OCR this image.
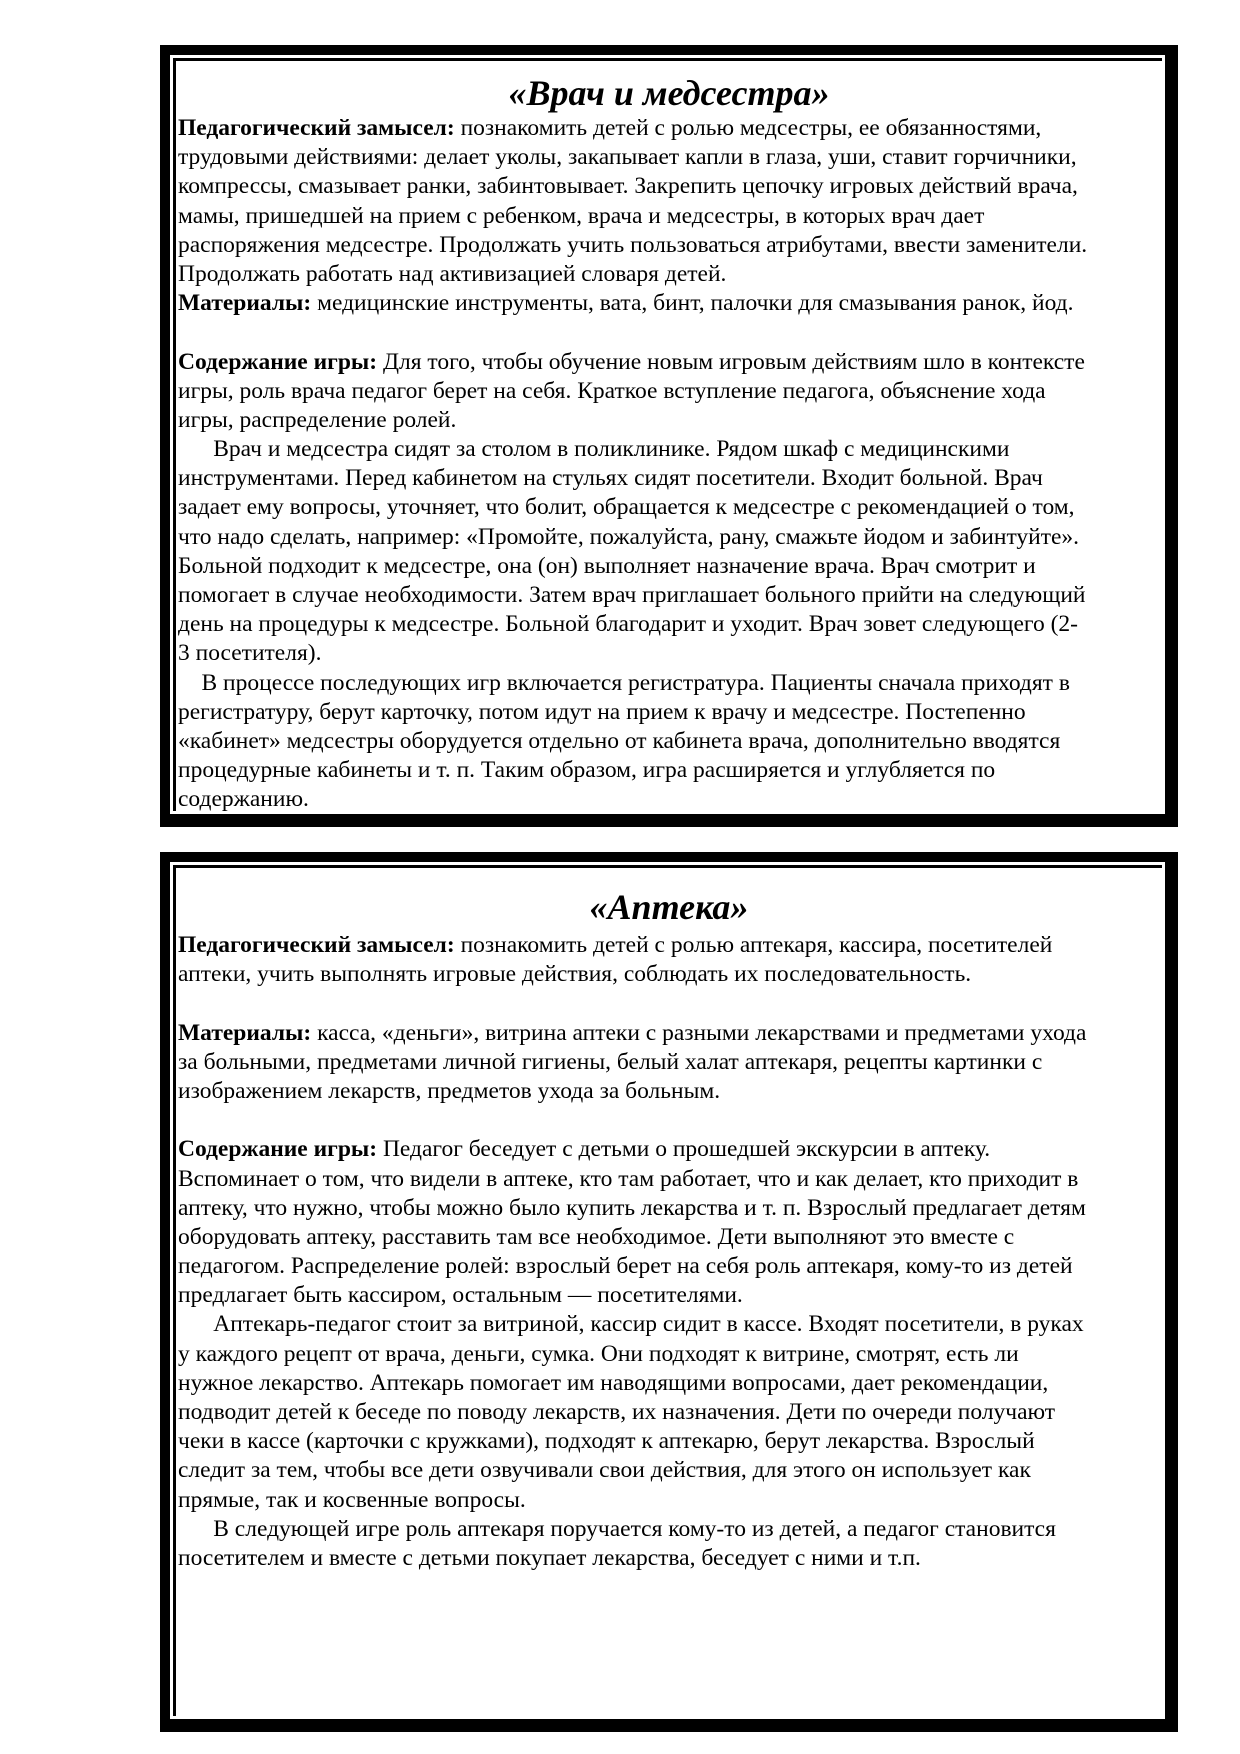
«Врач и медсестра»
Педагогический замысел: познакомить детей с ролью медсестры, ее обязанностями,
трудовыми действиями: делает уколы, закапывает капли в глаза, уши, ставит горчичники,
компрессы, смазывает ранки, забинтовывает. Закрепить цепочку игровых действий врача,
мамы, пришедшей на прием с ребенком, врача и медсестры, в которых врач дает
распоряжения медсестре. Продолжать учить пользоваться атрибутами, ввести заменители.
Продолжать работать над активизацией словаря детей.
Материалы: медицинские инструменты, вата, бинт, палочки для смазывания ранок, йод.
Содержание игры: Для того, чтобы обучение новым игровым действиям шло в контексте
игры, роль врача педагог берет на себя. Краткое вступление педагога, объяснение хода
игры, распределение ролей.
Врач и медсестра сидят за столом в поликлинике. Рядом шкаф с медицинскими
инструментами. Перед кабинетом на стульях сидят посетители. Входит больной. Врач
задает ему вопросы, уточняет, что болит, обращается к медсестре с рекомендацией о том,
что надо сделать, например: «Промойте, пожалуйста, рану, смажьте йодом и забинтуйте».
Больной подходит к медсестре, она (он) выполняет назначение врача. Врач смотрит и
помогает в случае необходимости. Затем врач приглашает больного прийти на следующий
день на процедуры к медсестре. Больной благодарит и уходит. Врач зовет следующего (2-
3 посетителя).
В процессе последующих игр включается регистратура. Пациенты сначала приходят в
регистратуру, берут карточку, потом идут на прием к врачу и медсестре. Постепенно
«кабинет» медсестры оборудуется отдельно от кабинета врача, дополнительно вводятся
процедурные кабинеты и т. п. Таким образом, игра расширяется и углубляется по
содержанию.
«Аптека»
Педагогический замысел: познакомить детей с ролью аптекаря, кассира, посетителей
аптеки, учить выполнять игровые действия, соблюдать их последовательность.
Материалы: касса, «деньги», витрина аптеки с разными лекарствами и предметами ухода
за больными, предметами личной гигиены, белый халат аптекаря, рецепты картинки с
изображением лекарств, предметов ухода за больным.
Содержание игры: Педагог беседует с детьми о прошедшей экскурсии в аптеку.
Вспоминает о том, что видели в аптеке, кто там работает, что и как делает, кто приходит в
аптеку, что нужно, чтобы можно было купить лекарства и т. п. Взрослый предлагает детям
оборудовать аптеку, расставить там все необходимое. Дети выполняют это вместе с
педагогом. Распределение ролей: взрослый берет на себя роль аптекаря, кому-то из детей
предлагает быть кассиром, остальным — посетителями.
Аптекарь-педагог стоит за витриной, кассир сидит в кассе. Входят посетители, в руках
у каждого рецепт от врача, деньги, сумка. Они подходят к витрине, смотрят, есть ли
нужное лекарство. Аптекарь помогает им наводящими вопросами, дает рекомендации,
подводит детей к беседе по поводу лекарств, их назначения. Дети по очереди получают
чеки в кассе (карточки с кружками), подходят к аптекарю, берут лекарства. Взрослый
следит за тем, чтобы все дети озвучивали свои действия, для этого он использует как
прямые, так и косвенные вопросы.
В следующей игре роль аптекаря поручается кому-то из детей, а педагог становится
посетителем и вместе с детьми покупает лекарства, беседует с ними и т.п.
